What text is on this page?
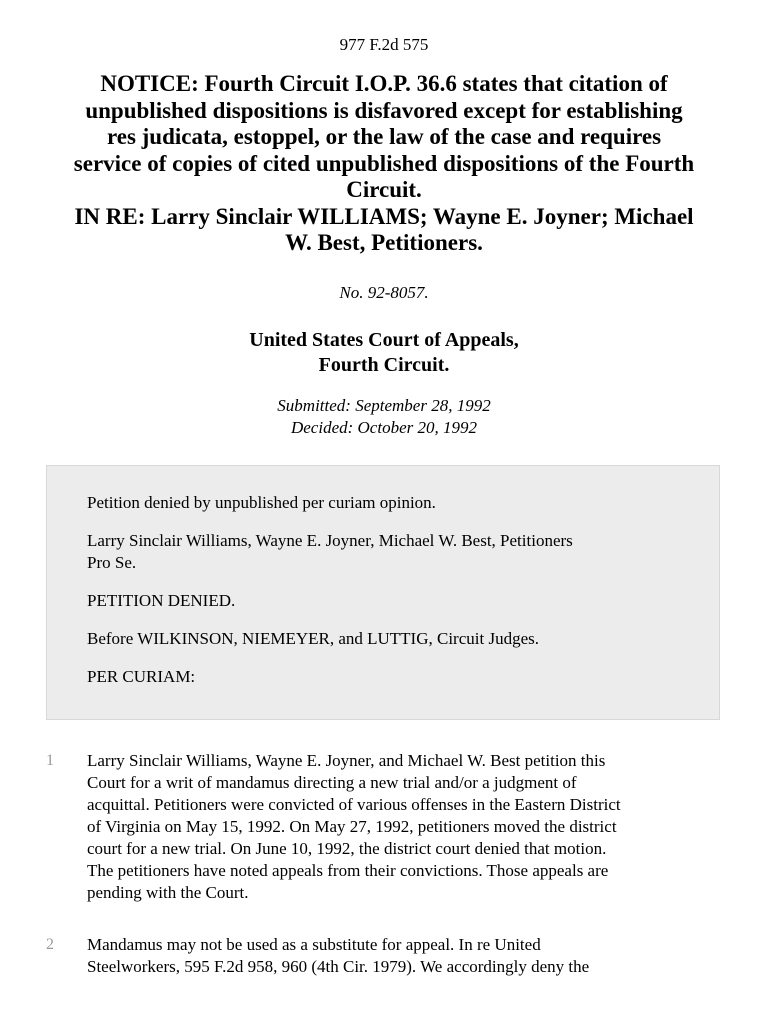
977 F.2d 575
NOTICE: Fourth Circuit I.O.P. 36.6 states that citation of
unpublished dispositions is disfavored except for establishing
res judicata, estoppel, or the law of the case and requires
service of copies of cited unpublished dispositions of the Fourth
Circuit.
IN RE: Larry Sinclair WILLIAMS; Wayne E. Joyner; Michael
W. Best, Petitioners.
No. 92-8057.
United States Court of Appeals,
Fourth Circuit.
Submitted: September 28, 1992
Decided: October 20, 1992

Petition denied by unpublished per curiam opinion.

Larry Sinclair Williams, Wayne E. Joyner, Michael W. Best, Petitioners
Pro Se.

PETITION DENIED.

Before WILKINSON, NIEMEYER, and LUTTIG, Circuit Judges.

PER CURIAM:

1	Larry Sinclair Williams, Wayne E. Joyner, and Michael W. Best petition this
Court for a writ of mandamus directing a new trial and/or a judgment of
acquittal. Petitioners were convicted of various offenses in the Eastern District
of Virginia on May 15, 1992. On May 27, 1992, petitioners moved the district
court for a new trial. On June 10, 1992, the district court denied that motion.
The petitioners have noted appeals from their convictions. Those appeals are
pending with the Court.
2	Mandamus may not be used as a substitute for appeal. In re United
Steelworkers, 595 F.2d 958, 960 (4th Cir. 1979). We accordingly deny the
